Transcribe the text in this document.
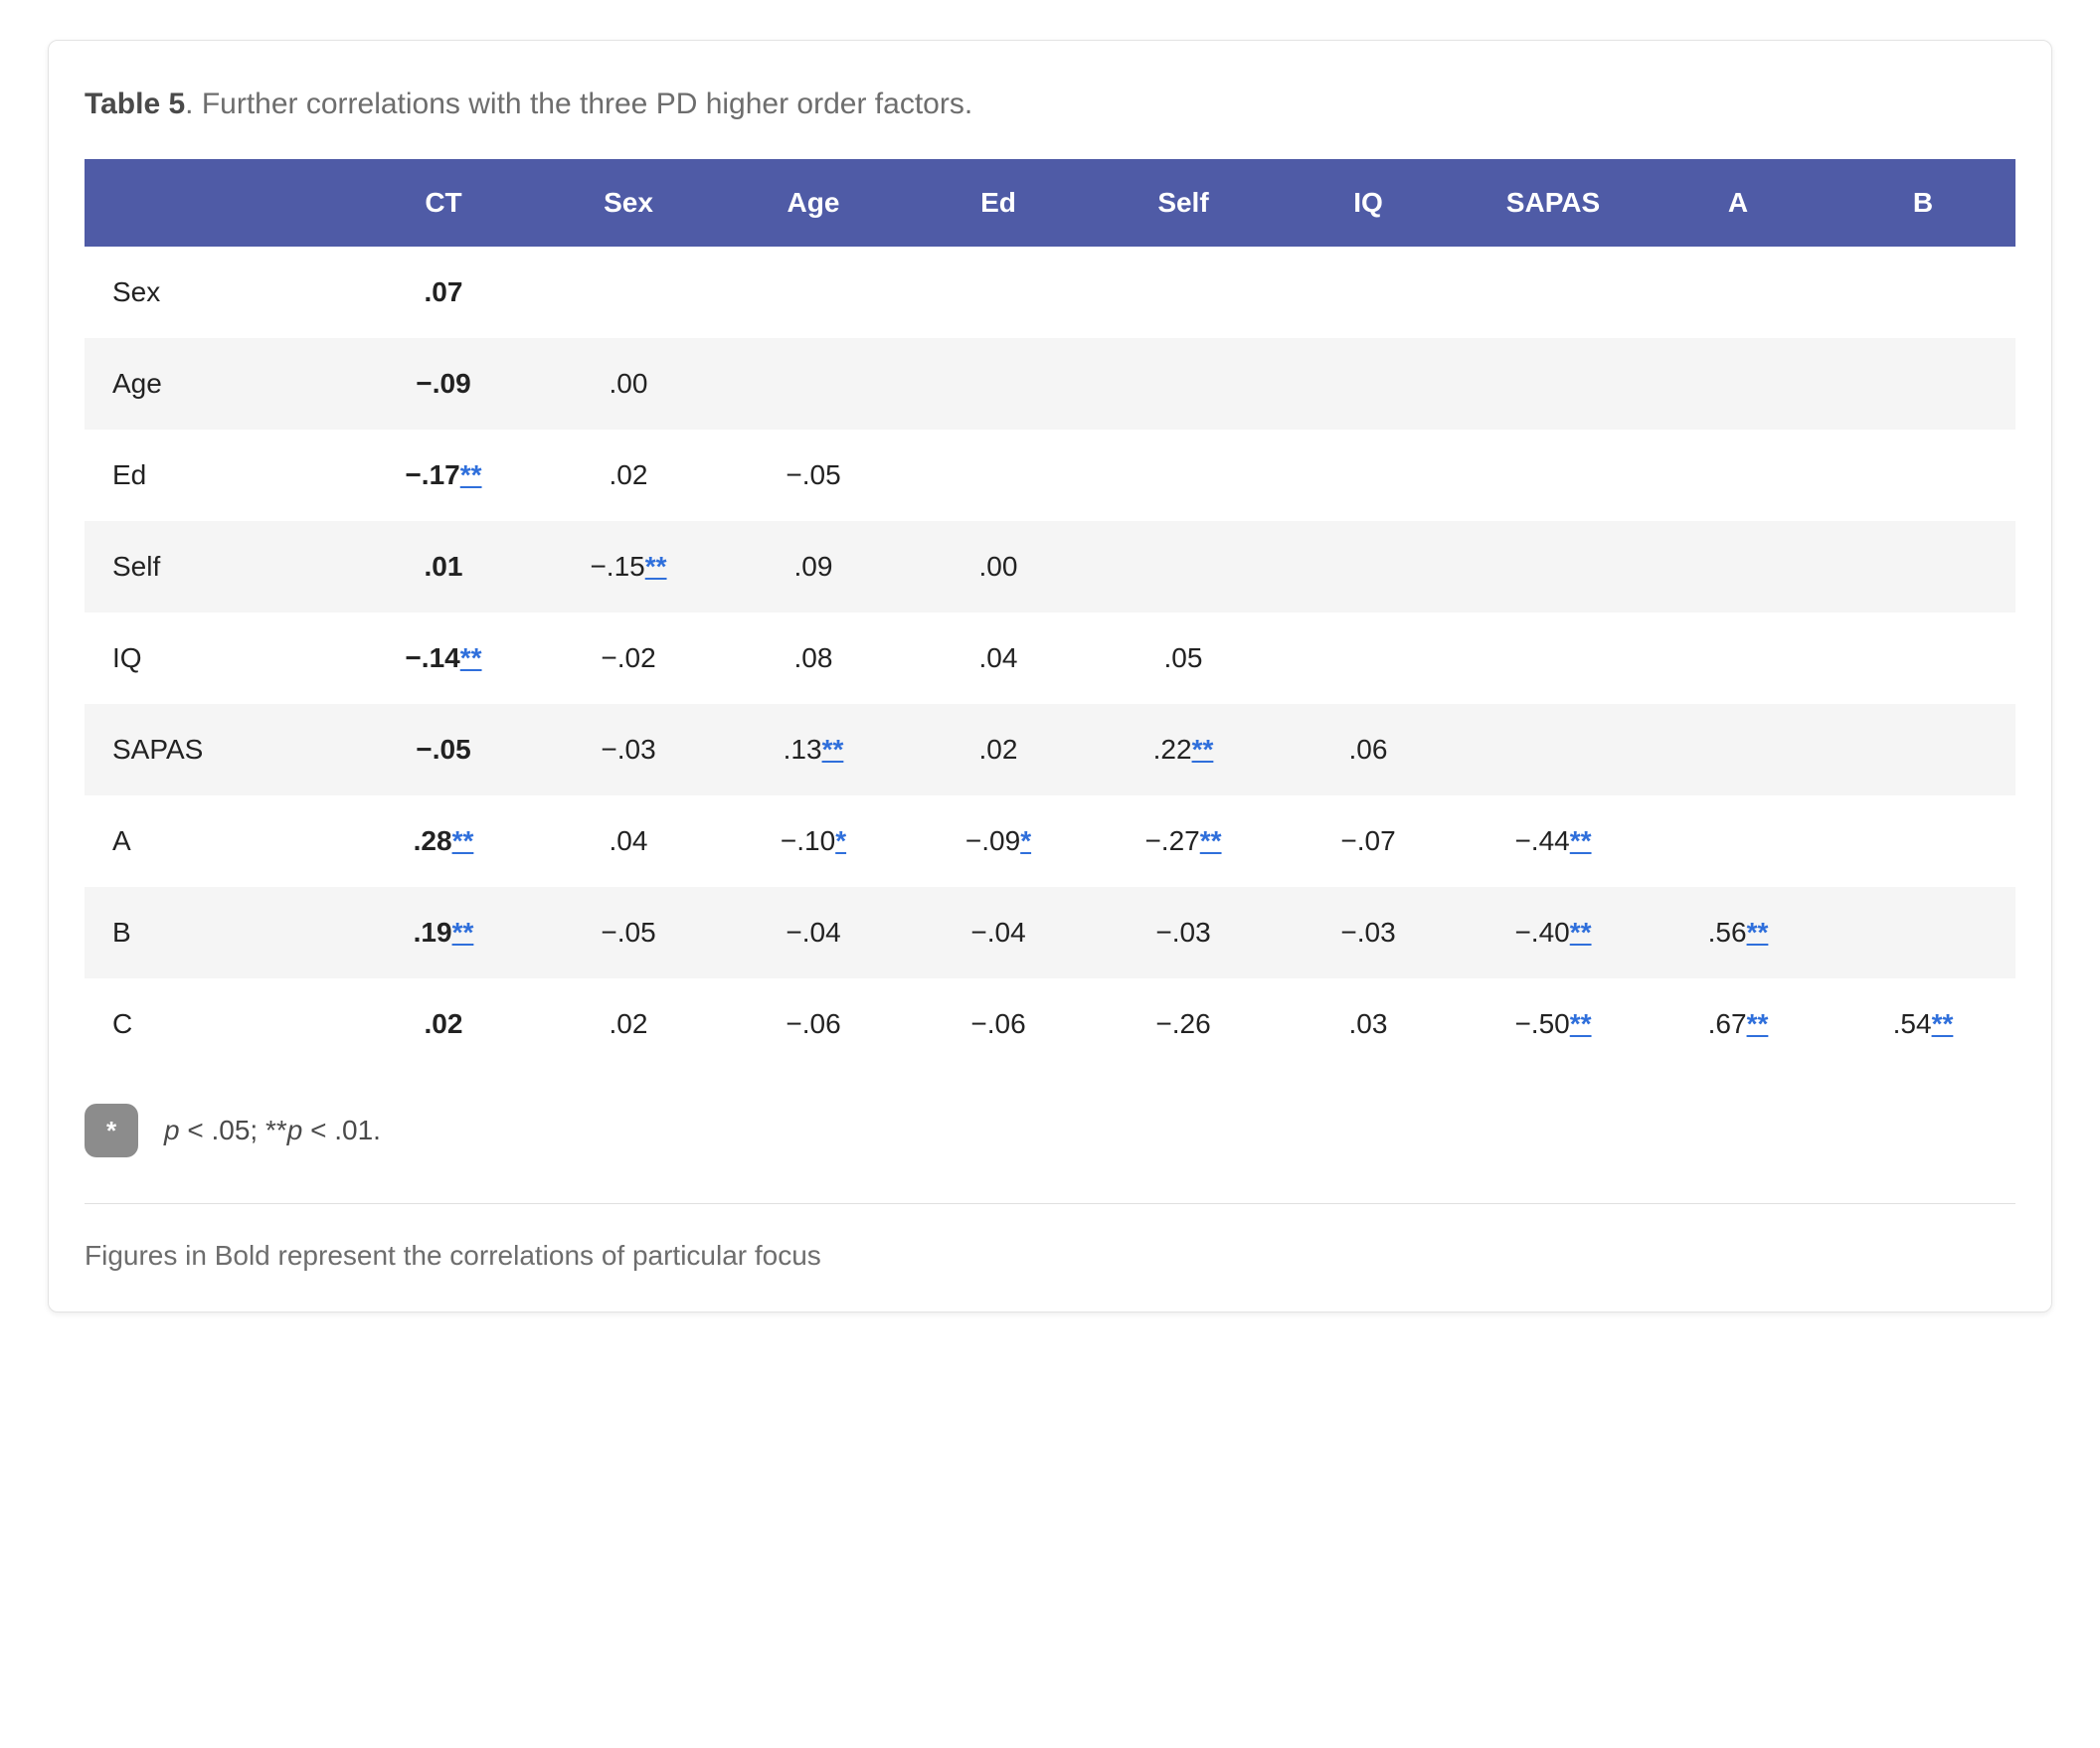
Table 5. Further correlations with the three PD higher order factors.
	CT	Sex	Age	Ed	Self	IQ	SAPAS	A	B
Sex	.07								
Age	−.09	.00							
Ed	−.17**	.02	−.05						
Self	.01	−.15**	.09	.00					
IQ	−.14**	−.02	.08	.04	.05				
SAPAS	−.05	−.03	.13**	.02	.22**	.06			
A	.28**	.04	−.10*	−.09*	−.27**	−.07	−.44**		
B	.19**	−.05	−.04	−.04	−.03	−.03	−.40**	.56**	
C	.02	.02	−.06	−.06	−.26	.03	−.50**	.67**	.54**
*	p < .05; **p < .01.
Figures in Bold represent the correlations of particular focus
